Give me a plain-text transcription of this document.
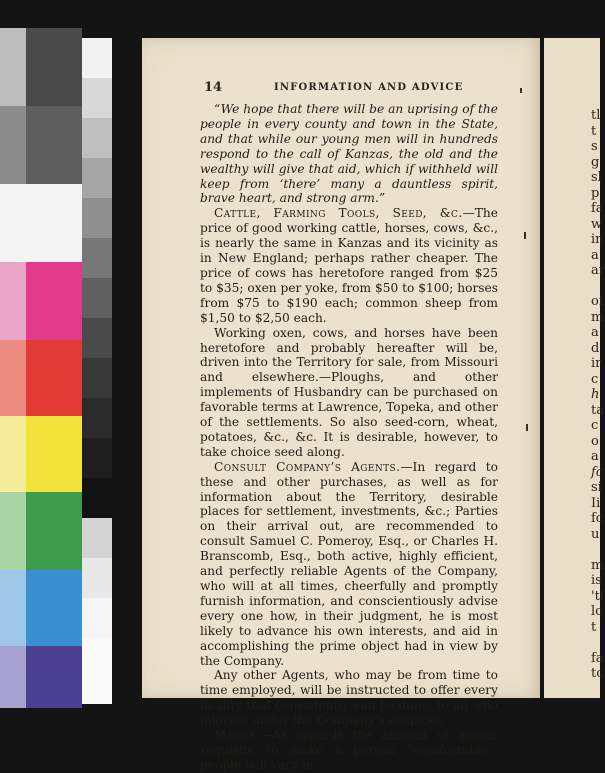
14	INFORMATION AND ADVICE

“We hope that there will be an uprising of the people in every county and town in the State, and that while our young men will in hundreds respond to the call of Kanzas, the old and the wealthy will give that aid, which if withheld will keep from ‘there’ many a dauntless spirit, brave heart, and strong arm.”

Cattle, Farming Tools, Seed, &c.—The price of good working cattle, horses, cows, &c., is nearly the same in Kanzas and its vicinity as in New England; perhaps rather cheaper. The price of cows has heretofore ranged from $25 to $35; oxen per yoke, from $50 to $100; horses from $75 to $190 each; common sheep from $1,50 to $2,50 each.

Working oxen, cows, and horses have been heretofore and probably hereafter will be, driven into the Territory for sale, from Missouri and elsewhere.—Ploughs, and other implements of Husbandry can be purchased on favorable terms at Lawrence, Topeka, and other of the settlements. So also seed-corn, wheat, potatoes, &c., &c. It is desirable, however, to take choice seed along.

Consult Company’s Agents.—In regard to these and other purchases, as well as for information about the Territory, desirable places for settlement, investments, &c.; Parties on their arrival out, are recommended to consult Samuel C. Pomeroy, Esq., or Charles H. Branscomb, Esq., both active, highly efficient, and perfectly reliable Agents of the Company, who will at all times, cheerfully and promptly furnish information, and conscientiously advise every one how, in their judgment, he is most likely to advance his own interests, and aid in accomplishing the prime object had in view by the Company.

Any other Agents, who may be from time to time employed, will be instructed to offer every facility that consistently can be done, to all who migrate under the Company’s auspices.

Means.—As regards the amount of means requisite to make a person “comfortable,” people will vary in

tl
t
s
g
sl
p
fa
w
in
a
ar
oi
m
a
d
ir
c
h
ta
c
o
a
fc
si
Ii
fc
u
m
is
'tl
lc
t
fa
tc
